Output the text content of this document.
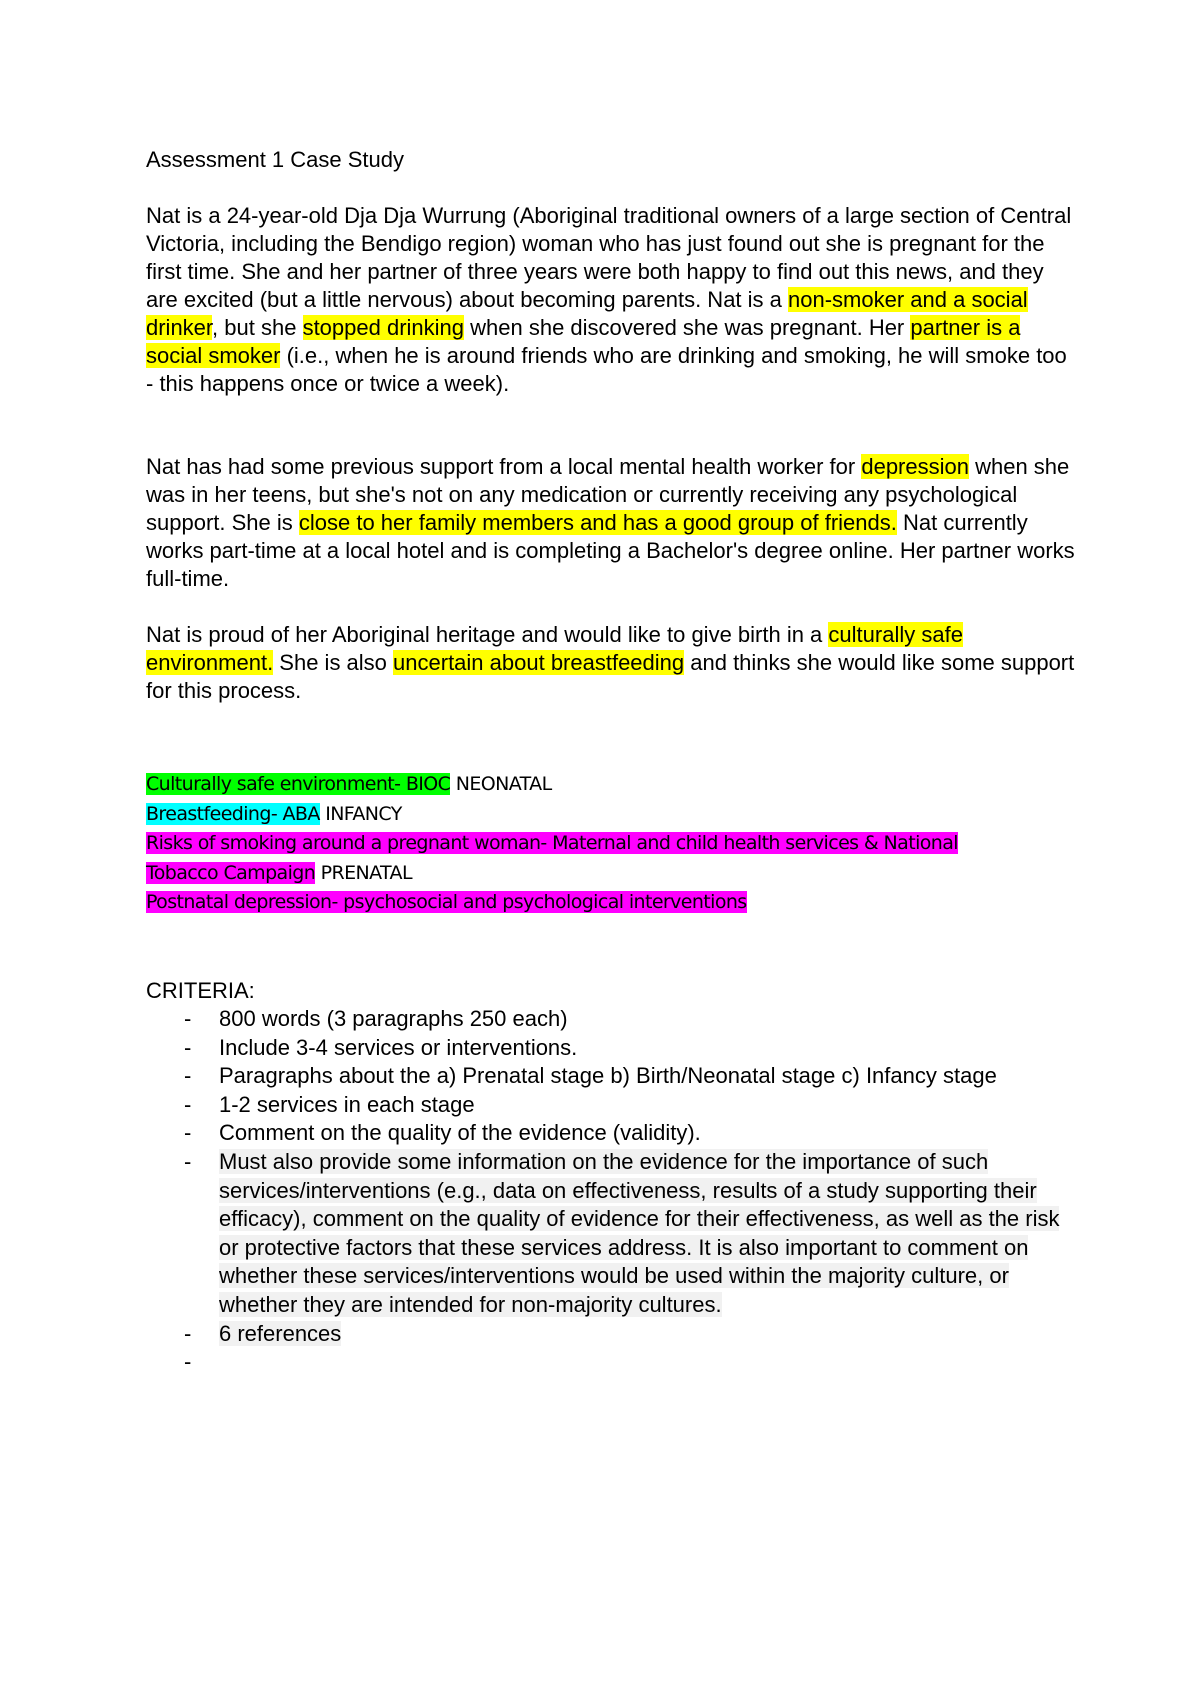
Assessment 1 Case Study

Nat is a 24-year-old Dja Dja Wurrung (Aboriginal traditional owners of a large section of Central Victoria, including the Bendigo region) woman who has just found out she is pregnant for the first time. She and her partner of three years were both happy to find out this news, and they are excited (but a little nervous) about becoming parents. Nat is a non-smoker and a social drinker, but she stopped drinking when she discovered she was pregnant. Her partner is a social smoker (i.e., when he is around friends who are drinking and smoking, he will smoke too - this happens once or twice a week).

Nat has had some previous support from a local mental health worker for depression when she was in her teens, but she's not on any medication or currently receiving any psychological support. She is close to her family members and has a good group of friends. Nat currently works part-time at a local hotel and is completing a Bachelor's degree online. Her partner works full-time.

Nat is proud of her Aboriginal heritage and would like to give birth in a culturally safe environment. She is also uncertain about breastfeeding and thinks she would like some support for this process.

Culturally safe environment- BIOC NEONATAL
Breastfeeding- ABA INFANCY
Risks of smoking around a pregnant woman- Maternal and child health services & National
Tobacco Campaign PRENATAL
Postnatal depression- psychosocial and psychological interventions
CRITERIA:
- 800 words (3 paragraphs 250 each)
- Include 3-4 services or interventions.
- Paragraphs about the a) Prenatal stage b) Birth/Neonatal stage c) Infancy stage
- 1-2 services in each stage
- Comment on the quality of the evidence (validity).
- Must also provide some information on the evidence for the importance of such services/interventions (e.g., data on effectiveness, results of a study supporting their efficacy), comment on the quality of evidence for their effectiveness, as well as the risk or protective factors that these services address. It is also important to comment on whether these services/interventions would be used within the majority culture, or whether they are intended for non-majority cultures.
- 6 references
-
